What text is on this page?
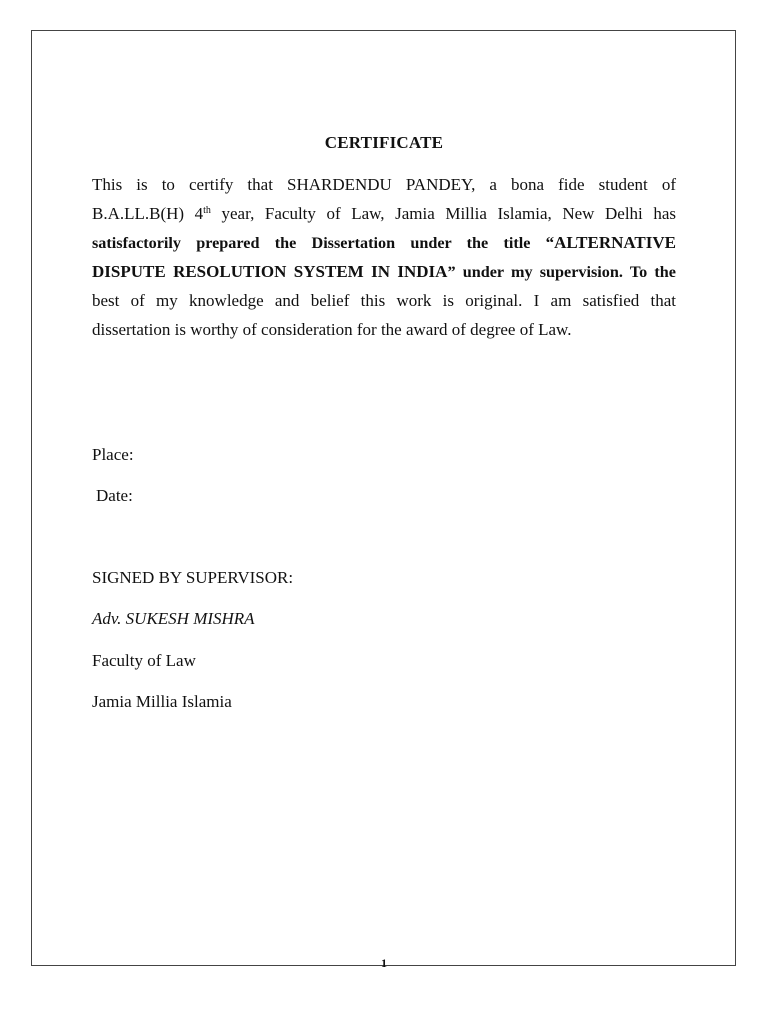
CERTIFICATE
This is to certify that SHARDENDU PANDEY, a bona fide student of
B.A.LL.B(H) 4th year, Faculty of Law, Jamia Millia Islamia, New Delhi has
satisfactorily prepared the Dissertation under the title “ALTERNATIVE
DISPUTE RESOLUTION SYSTEM IN INDIA” under my supervision. To the
best of my knowledge and belief this work is original. I am satisfied that
dissertation is worthy of consideration for the award of degree of Law.
Place:
Date:
SIGNED BY SUPERVISOR:
Adv. SUKESH MISHRA
Faculty of Law
Jamia Millia Islamia
1
